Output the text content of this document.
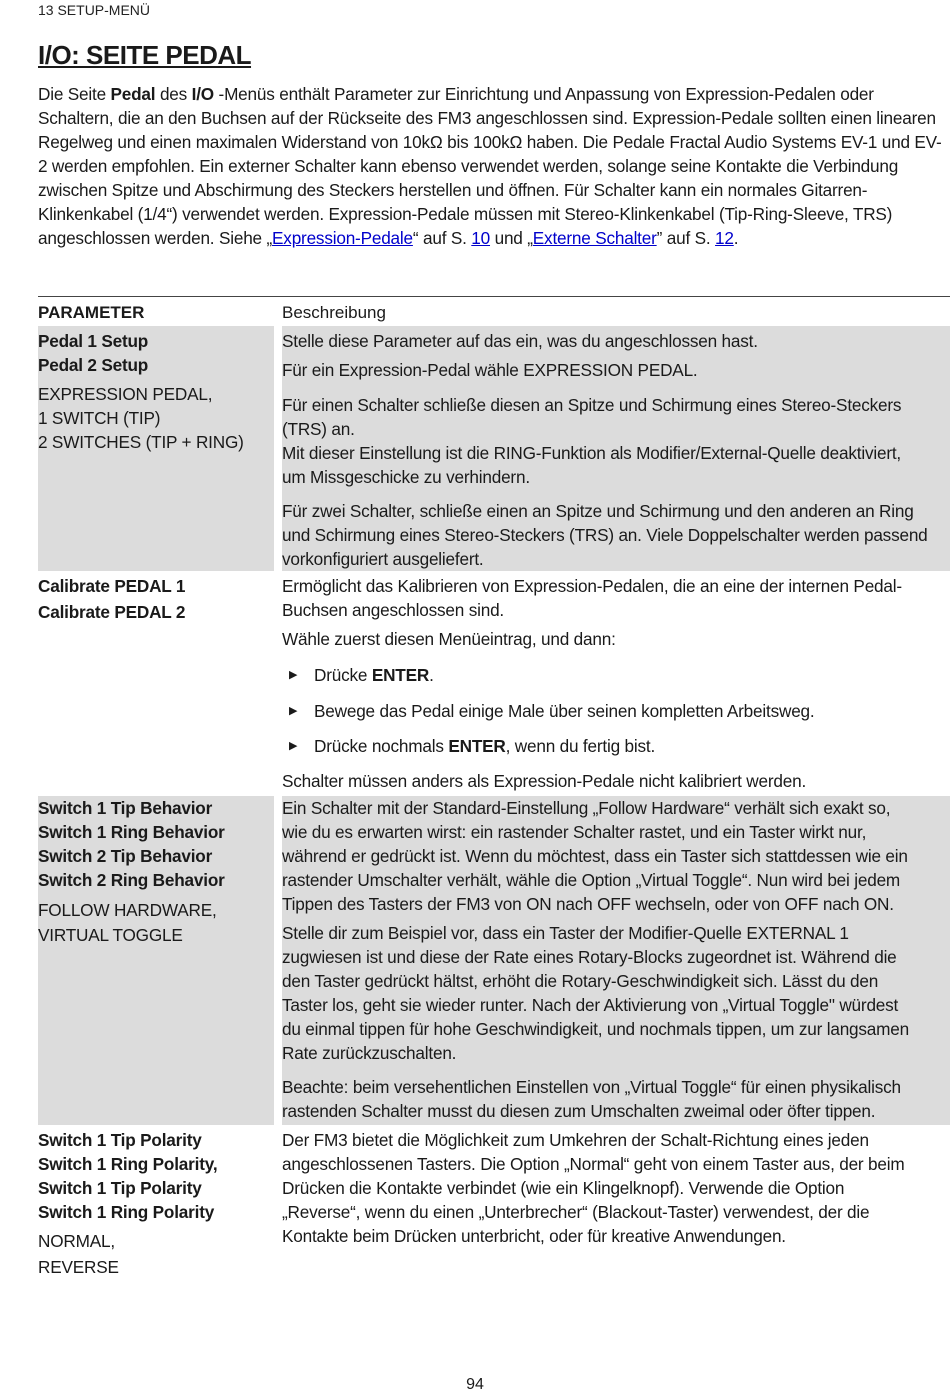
13 SETUP-MENÜ
I/O: SEITE PEDAL

Die Seite Pedal des I/O -Menüs enthält Parameter zur Einrichtung und Anpassung von Expression-Pedalen oder Schaltern, die an den Buchsen auf der Rückseite des FM3 angeschlossen sind. Expression-Pedale sollten einen linearen Regelweg und einen maximalen Widerstand von 10kΩ bis 100kΩ haben. Die Pedale Fractal Audio Systems EV-1 und EV-2 werden empfohlen. Ein externer Schalter kann ebenso verwendet werden, solange seine Kontakte die Verbindung zwischen Spitze und Abschirmung des Steckers herstellen und öffnen. Für Schalter kann ein normales Gitarren-Klinkenkabel (1/4“) verwendet werden. Expression-Pedale müssen mit Stereo-Klinkenkabel (Tip-Ring-Sleeve, TRS) angeschlossen werden. Siehe „Expression-Pedale“ auf S. 10 und „Externe Schalter” auf S. 12.

PARAMETER	Beschreibung
Pedal 1 Setup
Pedal 2 Setup
EXPRESSION PEDAL,
1 SWITCH (TIP)
2 SWITCHES (TIP + RING)
Stelle diese Parameter auf das ein, was du angeschlossen hast.
Für ein Expression-Pedal wähle EXPRESSION PEDAL.
Für einen Schalter schließe diesen an Spitze und Schirmung eines Stereo-Steckers
(TRS) an.
Mit dieser Einstellung ist die RING-Funktion als Modifier/External-Quelle deaktiviert,
um Missgeschicke zu verhindern.
Für zwei Schalter, schließe einen an Spitze und Schirmung und den anderen an Ring
und Schirmung eines Stereo-Steckers (TRS) an. Viele Doppelschalter werden passend
vorkonfiguriert ausgeliefert.
Calibrate PEDAL 1
Calibrate PEDAL 2
Ermöglicht das Kalibrieren von Expression-Pedalen, die an eine der internen Pedal-
Buchsen angeschlossen sind.
Wähle zuerst diesen Menüeintrag, und dann:
▶ Drücke ENTER.
▶ Bewege das Pedal einige Male über seinen kompletten Arbeitsweg.
▶ Drücke nochmals ENTER, wenn du fertig bist.
Schalter müssen anders als Expression-Pedale nicht kalibriert werden.
Switch 1 Tip Behavior
Switch 1 Ring Behavior
Switch 2 Tip Behavior
Switch 2 Ring Behavior
FOLLOW HARDWARE,
VIRTUAL TOGGLE
Ein Schalter mit der Standard-Einstellung „Follow Hardware“ verhält sich exakt so,
wie du es erwarten wirst: ein rastender Schalter rastet, und ein Taster wirkt nur,
während er gedrückt ist. Wenn du möchtest, dass ein Taster sich stattdessen wie ein
rastender Umschalter verhält, wähle die Option „Virtual Toggle“. Nun wird bei jedem
Tippen des Tasters der FM3 von ON nach OFF wechseln, oder von OFF nach ON.
Stelle dir zum Beispiel vor, dass ein Taster der Modifier-Quelle EXTERNAL 1
zugwiesen ist und diese der Rate eines Rotary-Blocks zugeordnet ist. Während die
den Taster gedrückt hältst, erhöht die Rotary-Geschwindigkeit sich. Lässt du den
Taster los, geht sie wieder runter. Nach der Aktivierung von „Virtual Toggle" würdest
du einmal tippen für hohe Geschwindigkeit, und nochmals tippen, um zur langsamen
Rate zurückzuschalten.
Beachte: beim versehentlichen Einstellen von „Virtual Toggle“ für einen physikalisch
rastenden Schalter musst du diesen zum Umschalten zweimal oder öfter tippen.
Switch 1 Tip Polarity
Switch 1 Ring Polarity,
Switch 1 Tip Polarity
Switch 1 Ring Polarity
NORMAL,
REVERSE
Der FM3 bietet die Möglichkeit zum Umkehren der Schalt-Richtung eines jeden
angeschlossenen Tasters. Die Option „Normal“ geht von einem Taster aus, der beim
Drücken die Kontakte verbindet (wie ein Klingelknopf). Verwende die Option
„Reverse“, wenn du einen „Unterbrecher“ (Blackout-Taster) verwendest, der die
Kontakte beim Drücken unterbricht, oder für kreative Anwendungen.
94
